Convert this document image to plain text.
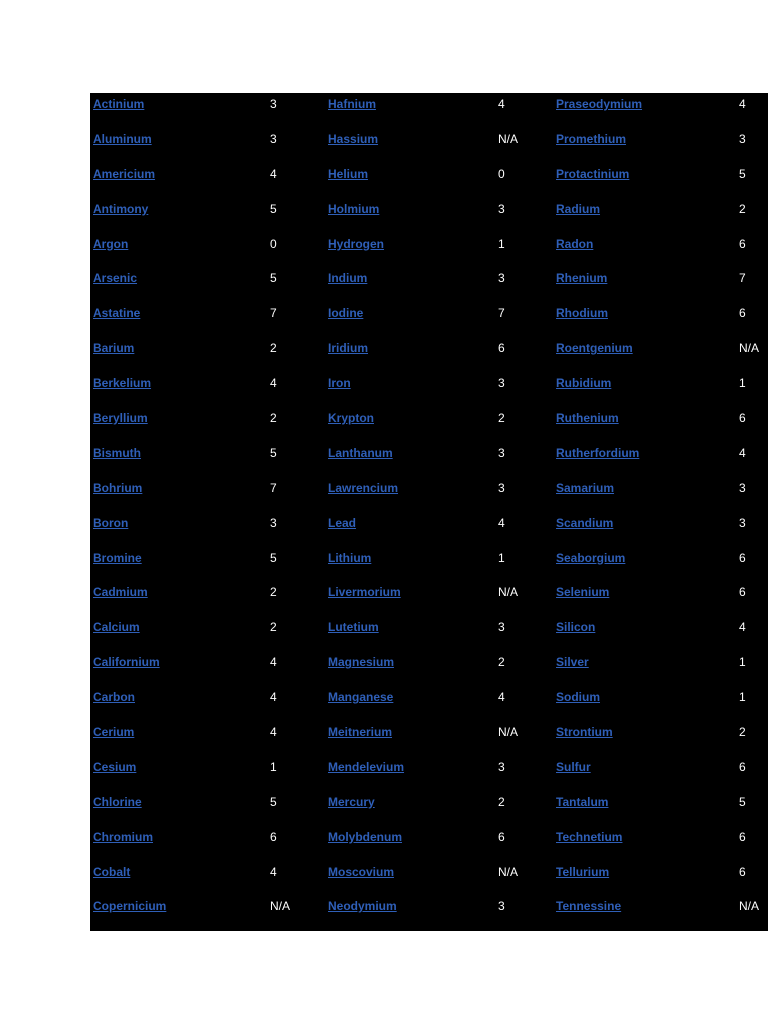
Actinium	3
Aluminum	3
Americium	4
Antimony	5
Argon	0
Arsenic	5
Astatine	7
Barium	2
Berkelium	4
Beryllium	2
Bismuth	5
Bohrium	7
Boron	3
Bromine	5
Cadmium	2
Calcium	2
Californium	4
Carbon	4
Cerium	4
Cesium	1
Chlorine	5
Chromium	6
Cobalt	4
Copernicium	N/A
Hafnium	4
Hassium	N/A
Helium	0
Holmium	3
Hydrogen	1
Indium	3
Iodine	7
Iridium	6
Iron	3
Krypton	2
Lanthanum	3
Lawrencium	3
Lead	4
Lithium	1
Livermorium	N/A
Lutetium	3
Magnesium	2
Manganese	4
Meitnerium	N/A
Mendelevium	3
Mercury	2
Molybdenum	6
Moscovium	N/A
Neodymium	3
Praseodymium	4
Promethium	3
Protactinium	5
Radium	2
Radon	6
Rhenium	7
Rhodium	6
Roentgenium	N/A
Rubidium	1
Ruthenium	6
Rutherfordium	4
Samarium	3
Scandium	3
Seaborgium	6
Selenium	6
Silicon	4
Silver	1
Sodium	1
Strontium	2
Sulfur	6
Tantalum	5
Technetium	6
Tellurium	6
Tennessine	N/A
